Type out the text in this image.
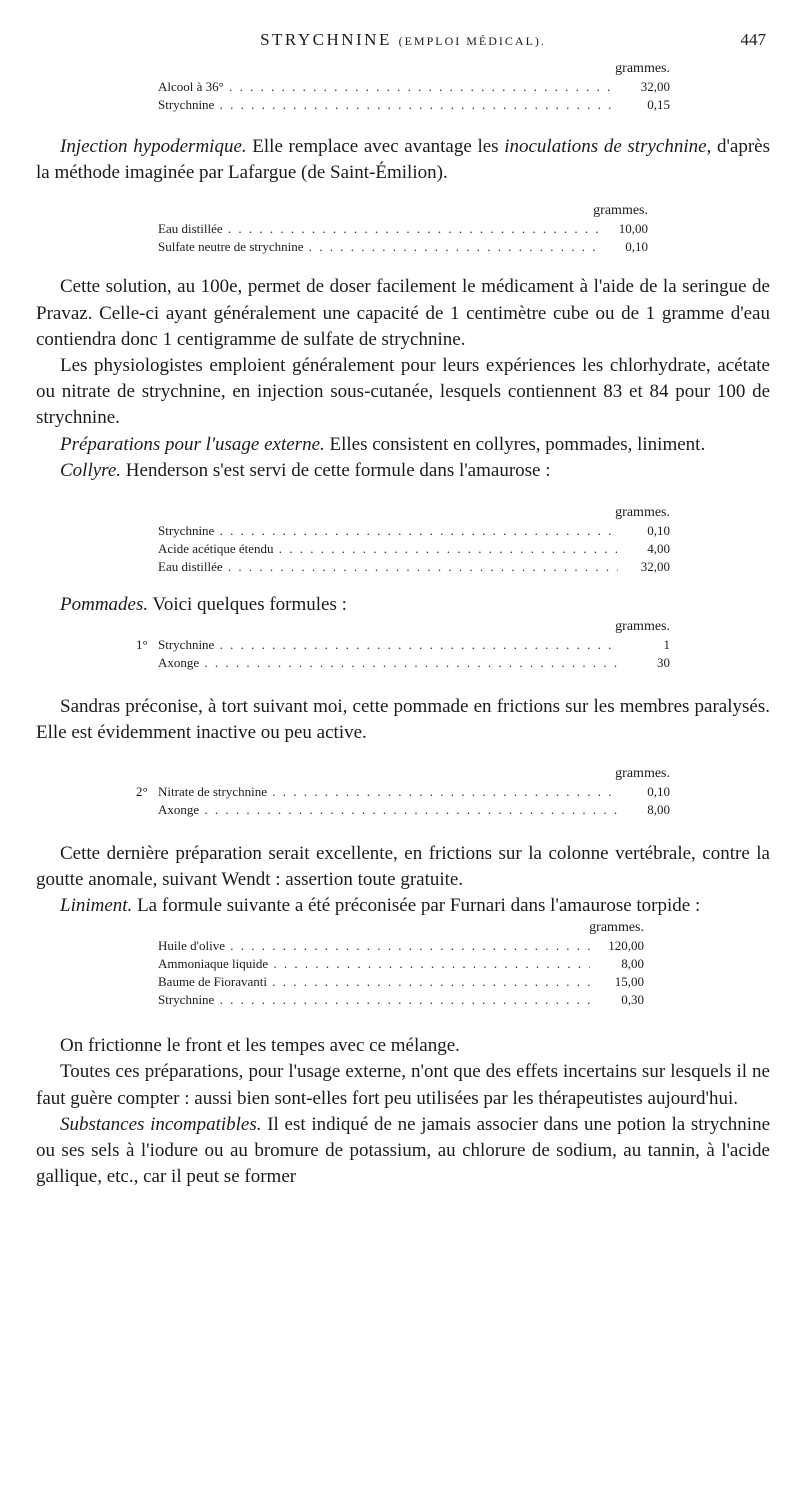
STRYCHNINE (EMPLOI MÉDICAL).	447
grammes.
Alcool à 36° . . .	32,00
Strychnine . . .	0,15

Injection hypodermique. Elle remplace avec avantage les inoculations de strychnine, d'après la méthode imaginée par Lafargue (de Saint-Émilion).

grammes.
Eau distillée . . .	10,00
Sulfate neutre de strychnine . . .	0,10

Cette solution, au 100e, permet de doser facilement le médicament à l'aide de la seringue de Pravaz. Celle-ci ayant généralement une capacité de 1 centimètre cube ou de 1 gramme d'eau contiendra donc 1 centigramme de sulfate de strychnine.

Les physiologistes emploient généralement pour leurs expériences les chlorhydrate, acétate ou nitrate de strychnine, en injection sous-cutanée, lesquels contiennent 83 et 84 pour 100 de strychnine.

Préparations pour l'usage externe. Elles consistent en collyres, pommades, liniment.

Collyre. Henderson s'est servi de cette formule dans l'amaurose :

grammes.
Strychnine . . .	0,10
Acide acétique étendu . . .	4,00
Eau distillée . . .	32,00

Pommades. Voici quelques formules :

grammes.
1° Strychnine . . .	1
Axonge . . .	30

Sandras préconise, à tort suivant moi, cette pommade en frictions sur les membres paralysés. Elle est évidemment inactive ou peu active.

grammes.
2° Nitrate de strychnine . . .	0,10
Axonge . . .	8,00

Cette dernière préparation serait excellente, en frictions sur la colonne vertébrale, contre la goutte anomale, suivant Wendt : assertion toute gratuite.

Liniment. La formule suivante a été préconisée par Furnari dans l'amaurose torpide :

grammes.
Huile d'olive . . .	120,00
Ammoniaque liquide . . .	8,00
Baume de Fioravanti . . .	15,00
Strychnine . . .	0,30

On frictionne le front et les tempes avec ce mélange.

Toutes ces préparations, pour l'usage externe, n'ont que des effets incertains sur lesquels il ne faut guère compter : aussi bien sont-elles fort peu utilisées par les thérapeutistes aujourd'hui.

Substances incompatibles. Il est indiqué de ne jamais associer dans une potion la strychnine ou ses sels à l'iodure ou au bromure de potassium, au chlorure de sodium, au tannin, à l'acide gallique, etc., car il peut se former
